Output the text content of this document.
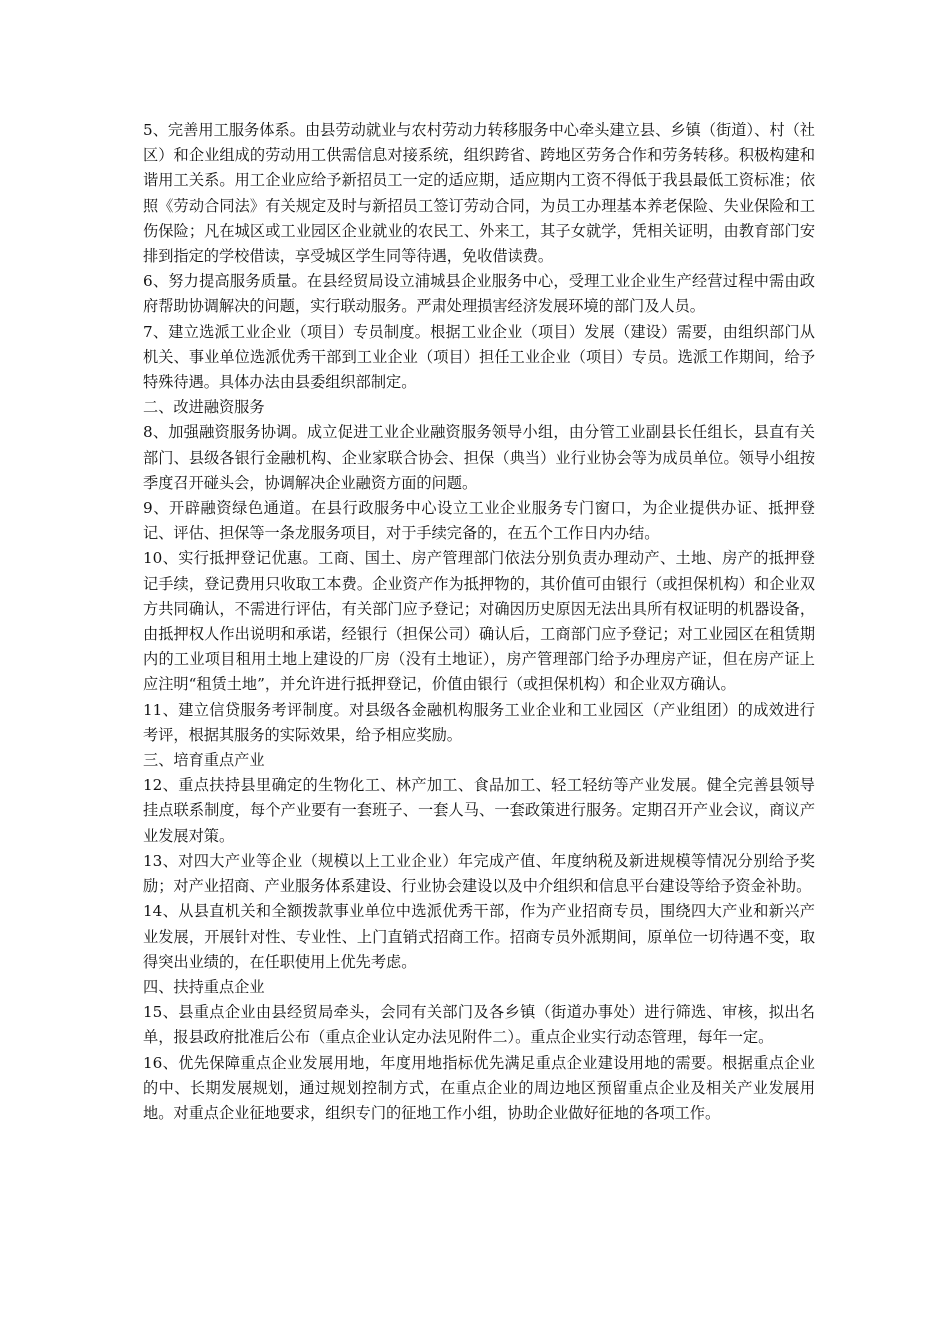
5、完善用工服务体系。由县劳动就业与农村劳动力转移服务中心牵头建立县、乡镇（街道）、村（社区）和企业组成的劳动用工供需信息对接系统，组织跨省、跨地区劳务合作和劳务转移。积极构建和谐用工关系。用工企业应给予新招员工一定的适应期，适应期内工资不得低于我县最低工资标准；依照《劳动合同法》有关规定及时与新招员工签订劳动合同，为员工办理基本养老保险、失业保险和工伤保险；凡在城区或工业园区企业就业的农民工、外来工，其子女就学，凭相关证明，由教育部门安排到指定的学校借读，享受城区学生同等待遇，免收借读费。

6、努力提高服务质量。在县经贸局设立浦城县企业服务中心，受理工业企业生产经营过程中需由政府帮助协调解决的问题，实行联动服务。严肃处理损害经济发展环境的部门及人员。

7、建立选派工业企业（项目）专员制度。根据工业企业（项目）发展（建设）需要，由组织部门从机关、事业单位选派优秀干部到工业企业（项目）担任工业企业（项目）专员。选派工作期间，给予特殊待遇。具体办法由县委组织部制定。

二、改进融资服务

8、加强融资服务协调。成立促进工业企业融资服务领导小组，由分管工业副县长任组长，县直有关部门、县级各银行金融机构、企业家联合协会、担保（典当）业行业协会等为成员单位。领导小组按季度召开碰头会，协调解决企业融资方面的问题。

9、开辟融资绿色通道。在县行政服务中心设立工业企业服务专门窗口，为企业提供办证、抵押登记、评估、担保等一条龙服务项目，对于手续完备的，在五个工作日内办结。

10、实行抵押登记优惠。工商、国土、房产管理部门依法分别负责办理动产、土地、房产的抵押登记手续，登记费用只收取工本费。企业资产作为抵押物的，其价值可由银行（或担保机构）和企业双方共同确认，不需进行评估，有关部门应予登记；对确因历史原因无法出具所有权证明的机器设备，由抵押权人作出说明和承诺，经银行（担保公司）确认后，工商部门应予登记；对工业园区在租赁期内的工业项目租用土地上建设的厂房（没有土地证），房产管理部门给予办理房产证，但在房产证上应注明“租赁土地”，并允许进行抵押登记，价值由银行（或担保机构）和企业双方确认。

11、建立信贷服务考评制度。对县级各金融机构服务工业企业和工业园区（产业组团）的成效进行考评，根据其服务的实际效果，给予相应奖励。

三、培育重点产业

12、重点扶持县里确定的生物化工、林产加工、食品加工、轻工轻纺等产业发展。健全完善县领导挂点联系制度，每个产业要有一套班子、一套人马、一套政策进行服务。定期召开产业会议，商议产业发展对策。

13、对四大产业等企业（规模以上工业企业）年完成产值、年度纳税及新进规模等情况分别给予奖励；对产业招商、产业服务体系建设、行业协会建设以及中介组织和信息平台建设等给予资金补助。

14、从县直机关和全额拨款事业单位中选派优秀干部，作为产业招商专员，围绕四大产业和新兴产业发展，开展针对性、专业性、上门直销式招商工作。招商专员外派期间，原单位一切待遇不变，取得突出业绩的，在任职使用上优先考虑。

四、扶持重点企业

15、县重点企业由县经贸局牵头，会同有关部门及各乡镇（街道办事处）进行筛选、审核，拟出名单，报县政府批准后公布（重点企业认定办法见附件二）。重点企业实行动态管理，每年一定。

16、优先保障重点企业发展用地，年度用地指标优先满足重点企业建设用地的需要。根据重点企业的中、长期发展规划，通过规划控制方式，在重点企业的周边地区预留重点企业及相关产业发展用地。对重点企业征地要求，组织专门的征地工作小组，协助企业做好征地的各项工作。
